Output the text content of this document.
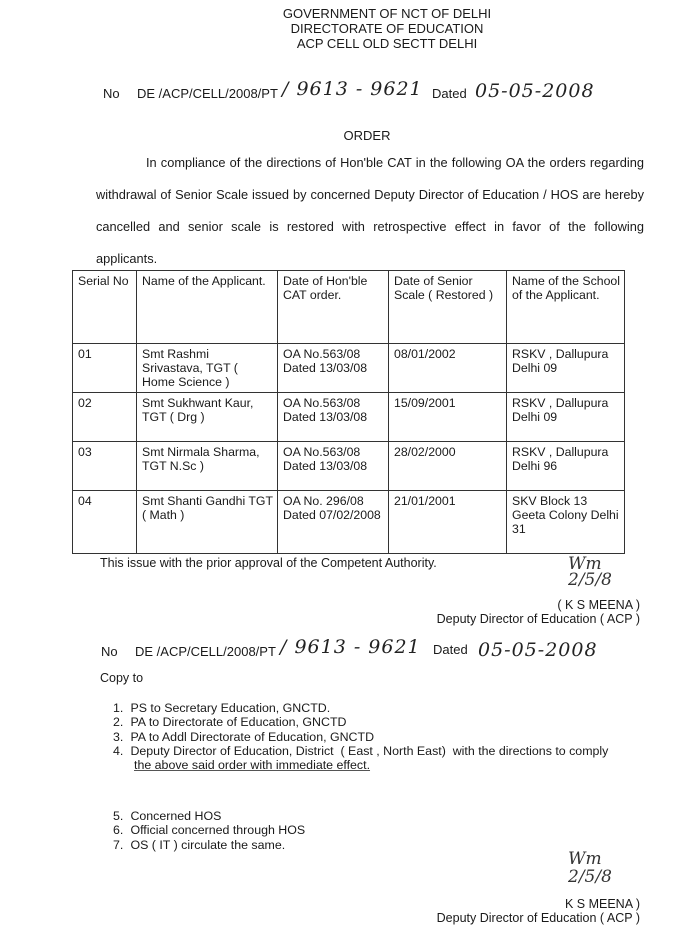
GOVERNMENT OF NCT OF DELHI
DIRECTORATE OF EDUCATION
ACP CELL OLD SECTT DELHI
No DE /ACP/CELL/2008/PT / 9613 - 9621 Dated 05-05-2008
ORDER
In compliance of the directions of Hon'ble CAT in the following OA the orders regarding withdrawal of Senior Scale issued by concerned Deputy Director of Education / HOS are hereby cancelled and senior scale is restored with retrospective effect in favor of the following applicants.
Serial No	Name of the Applicant.	Date of Hon'ble CAT order.	Date of Senior Scale ( Restored )	Name of the School of the Applicant.
01	Smt Rashmi Srivastava, TGT ( Home Science )	OA No.563/08 Dated 13/03/08	08/01/2002	RSKV , Dallupura Delhi 09
02	Smt Sukhwant Kaur, TGT ( Drg )	OA No.563/08 Dated 13/03/08	15/09/2001	RSKV , Dallupura Delhi 09
03	Smt Nirmala Sharma, TGT N.Sc )	OA No.563/08 Dated 13/03/08	28/02/2000	RSKV , Dallupura Delhi 96
04	Smt Shanti Gandhi TGT ( Math )	OA No. 296/08 Dated 07/02/2008	21/01/2001	SKV Block 13 Geeta Colony Delhi 31
This issue with the prior approval of the Competent Authority.	Wm 2/5/8
( K S MEENA )
Deputy Director of Education ( ACP )
No DE /ACP/CELL/2008/PT / 9613 - 9621 Dated 05-05-2008
Copy to
1.
PS to Secretary Education, GNCTD.
2.
PA to Directorate of Education, GNCTD
3.
PA to Addl Directorate of Education, GNCTD
4.
Deputy Director of Education, District  ( East , North East)  with the directions to comply
the above said order with immediate effect.
5.
Concerned HOS
6.
Official concerned through HOS
7.
OS ( IT ) circulate the same.
Wm 2/5/8
K S MEENA )
Deputy Director of Education ( ACP )
